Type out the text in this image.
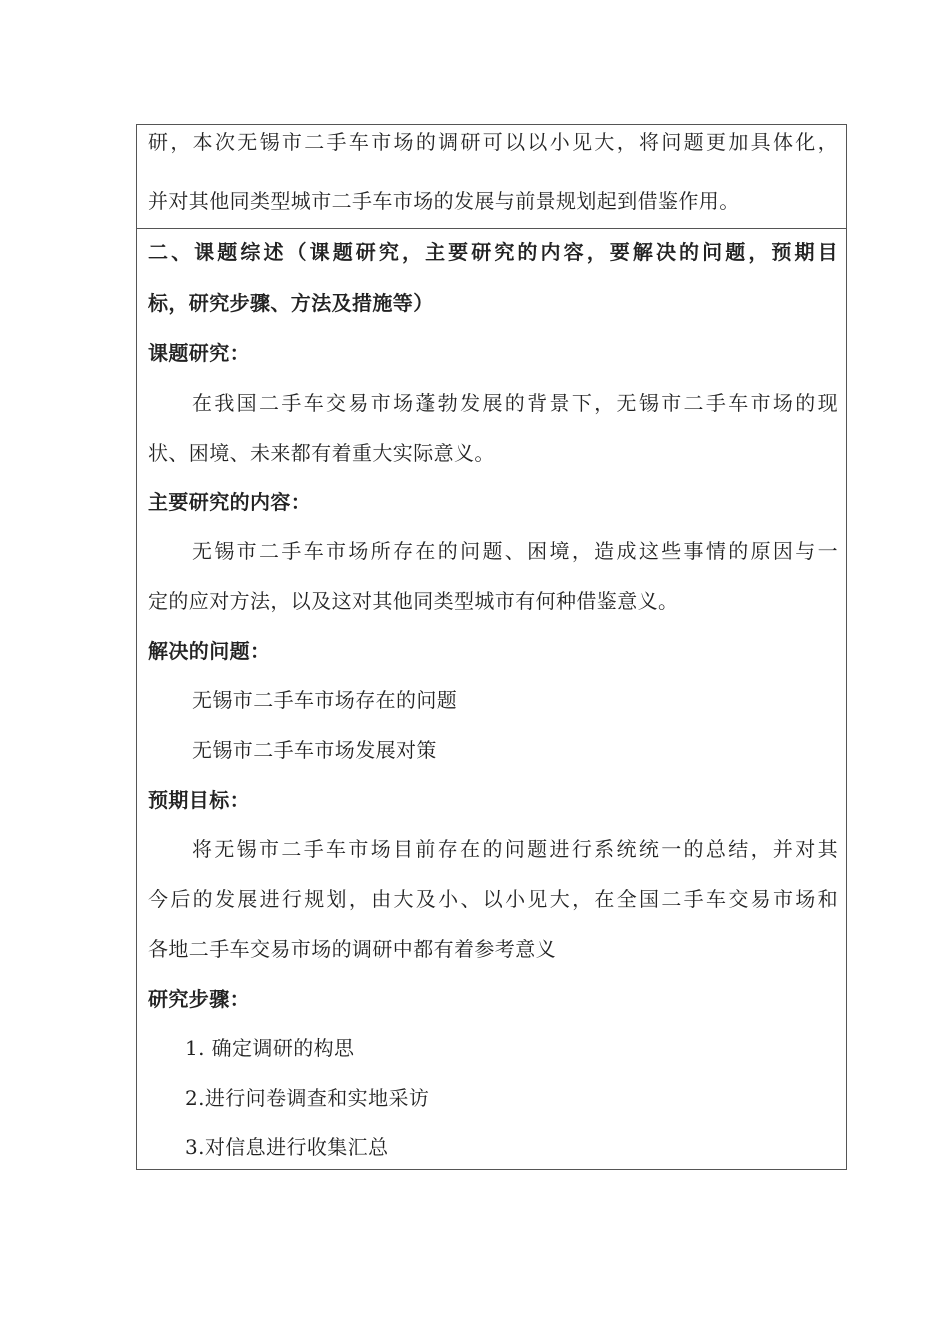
研，本次无锡市二手车市场的调研可以以小见大，将问题更加具体化，
并对其他同类型城市二手车市场的发展与前景规划起到借鉴作用。
二、课题综述（课题研究，主要研究的内容，要解决的问题，预期目
标，研究步骤、方法及措施等）
课题研究：
在我国二手车交易市场蓬勃发展的背景下，无锡市二手车市场的现
状、困境、未来都有着重大实际意义。
主要研究的内容：
无锡市二手车市场所存在的问题、困境，造成这些事情的原因与一
定的应对方法，以及这对其他同类型城市有何种借鉴意义。
解决的问题：
无锡市二手车市场存在的问题
无锡市二手车市场发展对策
预期目标：
将无锡市二手车市场目前存在的问题进行系统统一的总结，并对其
今后的发展进行规划，由大及小、以小见大，在全国二手车交易市场和
各地二手车交易市场的调研中都有着参考意义
研究步骤：
1. 确定调研的构思
2.进行问卷调查和实地采访
3.对信息进行收集汇总
